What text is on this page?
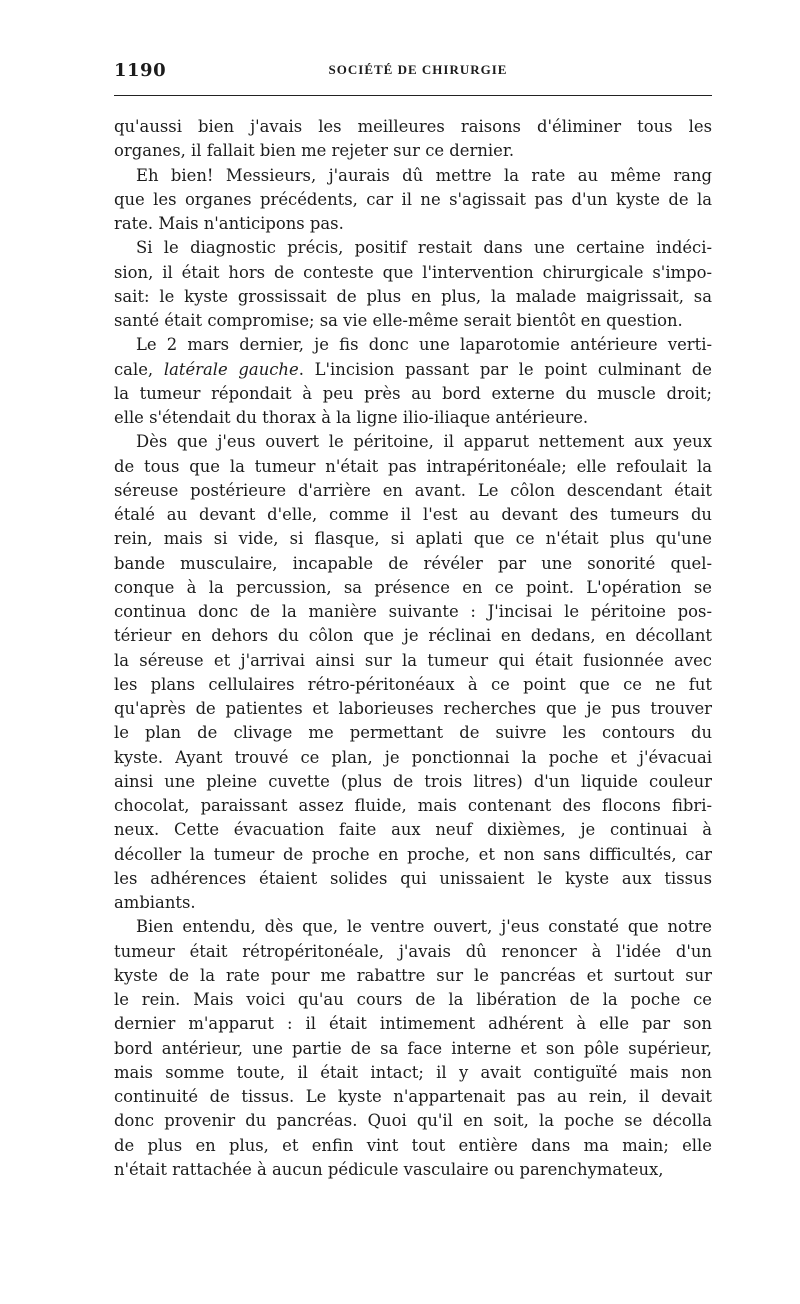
1190	SOCIÉTÉ DE CHIRURGIE
qu'aussi bien j'avais les meilleures raisons d'éliminer tous les
organes, il fallait bien me rejeter sur ce dernier.
Eh bien! Messieurs, j'aurais dû mettre la rate au même rang
que les organes précédents, car il ne s'agissait pas d'un kyste de la
rate. Mais n'anticipons pas.
Si le diagnostic précis, positif restait dans une certaine indéci-
sion, il était hors de conteste que l'intervention chirurgicale s'impo-
sait: le kyste grossissait de plus en plus, la malade maigrissait, sa
santé était compromise; sa vie elle-même serait bientôt en question.
Le 2 mars dernier, je fis donc une laparotomie antérieure verti-
cale, latérale gauche. L'incision passant par le point culminant de
la tumeur répondait à peu près au bord externe du muscle droit;
elle s'étendait du thorax à la ligne ilio-iliaque antérieure.
Dès que j'eus ouvert le péritoine, il apparut nettement aux yeux
de tous que la tumeur n'était pas intrapéritonéale; elle refoulait la
séreuse postérieure d'arrière en avant. Le côlon descendant était
étalé au devant d'elle, comme il l'est au devant des tumeurs du
rein, mais si vide, si flasque, si aplati que ce n'était plus qu'une
bande musculaire, incapable de révéler par une sonorité quel-
conque à la percussion, sa présence en ce point. L'opération se
continua donc de la manière suivante : J'incisai le péritoine pos-
térieur en dehors du côlon que je réclinai en dedans, en décollant
la séreuse et j'arrivai ainsi sur la tumeur qui était fusionnée avec
les plans cellulaires rétro-péritonéaux à ce point que ce ne fut
qu'après de patientes et laborieuses recherches que je pus trouver
le plan de clivage me permettant de suivre les contours du
kyste. Ayant trouvé ce plan, je ponctionnai la poche et j'évacuai
ainsi une pleine cuvette (plus de trois litres) d'un liquide couleur
chocolat, paraissant assez fluide, mais contenant des flocons fibri-
neux. Cette évacuation faite aux neuf dixièmes, je continuai à
décoller la tumeur de proche en proche, et non sans difficultés, car
les adhérences étaient solides qui unissaient le kyste aux tissus
ambiants.
Bien entendu, dès que, le ventre ouvert, j'eus constaté que notre
tumeur était rétropéritonéale, j'avais dû renoncer à l'idée d'un
kyste de la rate pour me rabattre sur le pancréas et surtout sur
le rein. Mais voici qu'au cours de la libération de la poche ce
dernier m'apparut : il était intimement adhérent à elle par son
bord antérieur, une partie de sa face interne et son pôle supérieur,
mais somme toute, il était intact; il y avait contiguïté mais non
continuité de tissus. Le kyste n'appartenait pas au rein, il devait
donc provenir du pancréas. Quoi qu'il en soit, la poche se décolla
de plus en plus, et enfin vint tout entière dans ma main; elle
n'était rattachée à aucun pédicule vasculaire ou parenchymateux,
